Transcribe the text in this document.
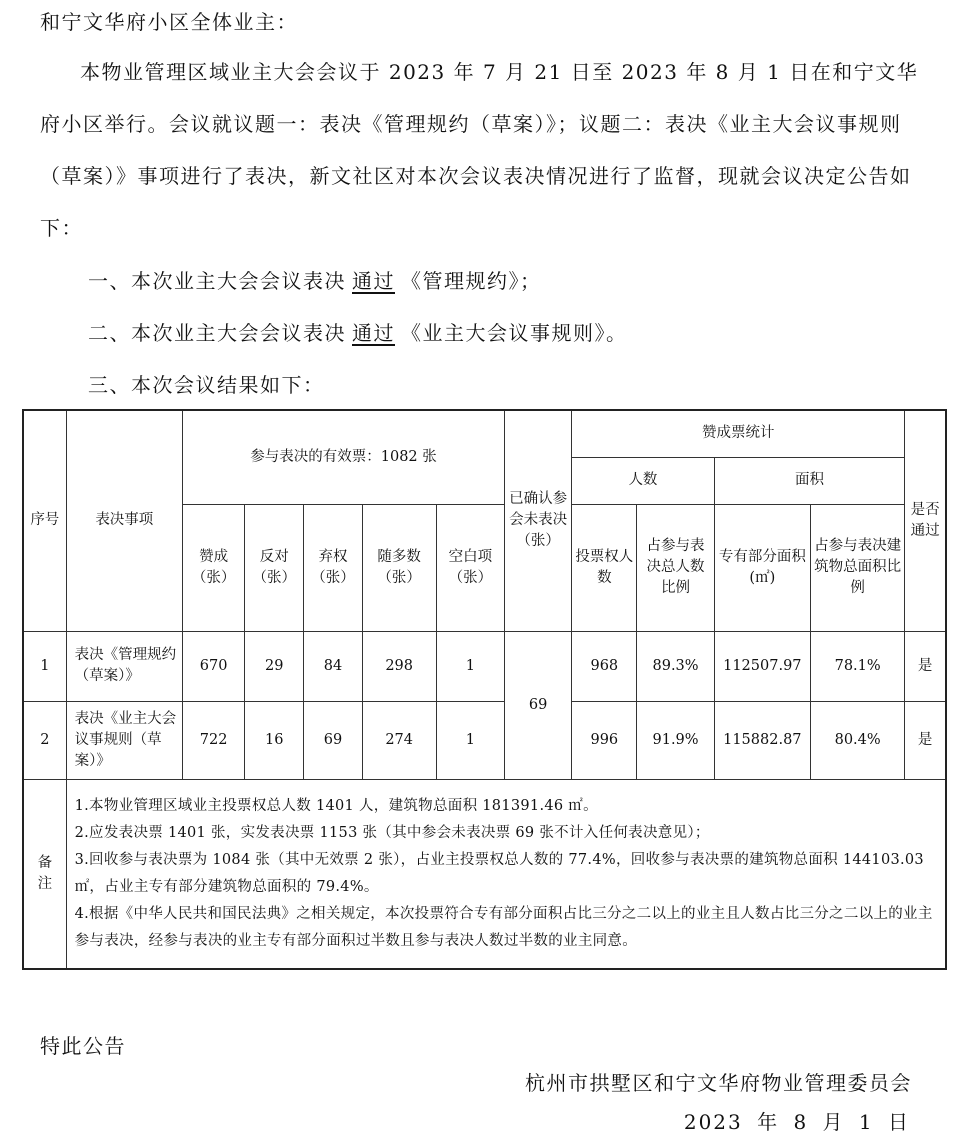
和宁文华府小区全体业主：
本物业管理区域业主大会会议于 2023 年 7 月 21 日至 2023 年 8 月 1 日在和宁文华府小区举行。会议就议题一：表决《管理规约（草案）》；议题二：表决《业主大会议事规则（草案）》事项进行了表决，新文社区对本次会议表决情况进行了监督，现就会议决定公告如下：
一、本次业主大会会议表决 通过 《管理规约》；
二、本次业主大会会议表决 通过 《业主大会议事规则》。
三、本次会议结果如下：
序号	表决事项	参与表决的有效票：1082 张					已确认参会未表决（张）	赞成票统计				是否通过
								人数		面积		
		赞成（张）	反对（张）	弃权（张）	随多数（张）	空白项（张）		投票权人数	占参与表决总人数比例	专有部分面积(㎡)	占参与表决建筑物总面积比例	
1	表决《管理规约（草案）》	670	29	84	298	1	69	968	89.3%	112507.97	78.1%	是
2	表决《业主大会议事规则（草案）》	722	16	69	274	1		996	91.9%	115882.87	80.4%	是
备注	1.本物业管理区域业主投票权总人数 1401 人，建筑物总面积 181391.46 ㎡。
2.应发表决票 1401 张，实发表决票 1153 张（其中参会未表决票 69 张不计入任何表决意见）；
3.回收参与表决票为 1084 张（其中无效票 2 张），占业主投票权总人数的 77.4%，回收参与表决票的建筑物总面积 144103.03 ㎡，占业主专有部分建筑物总面积的 79.4%。
4.根据《中华人民共和国民法典》之相关规定，本次投票符合专有部分面积占比三分之二以上的业主且人数占比三分之二以上的业主参与表决，经参与表决的业主专有部分面积过半数且参与表决人数过半数的业主同意。											
特此公告
杭州市拱墅区和宁文华府物业管理委员会
2023 年 8 月 1 日
